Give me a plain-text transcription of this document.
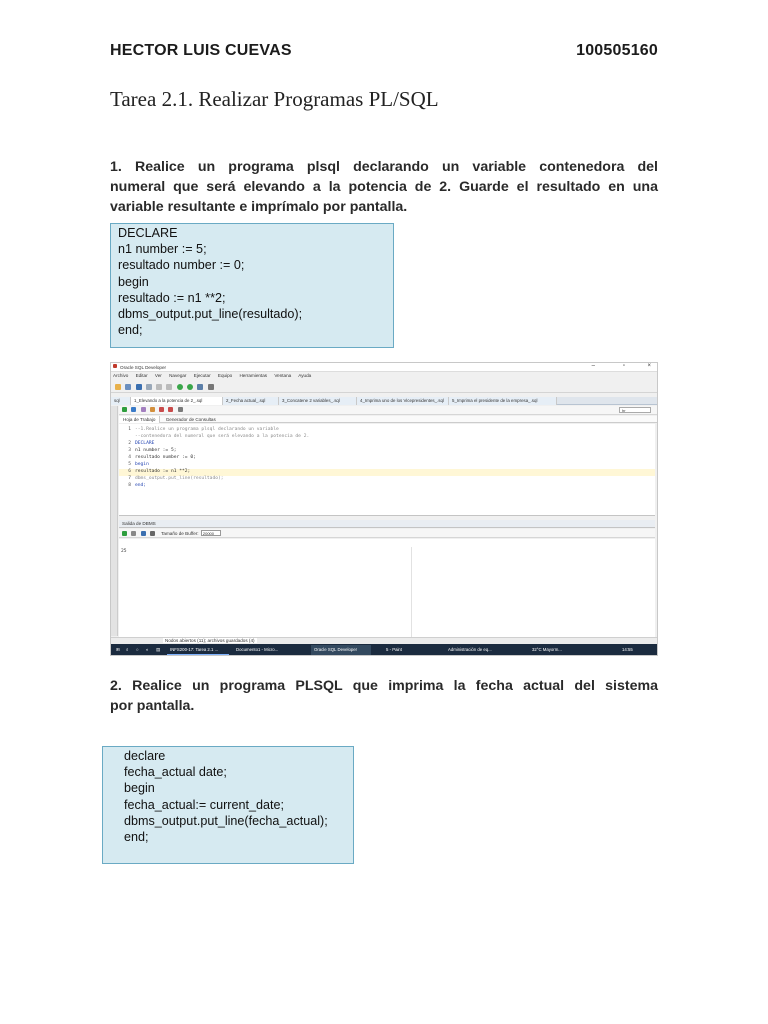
HECTOR LUIS CUEVAS	100505160
Tarea 2.1. Realizar Programas PL/SQL
1. Realice un programa plsql declarando un variable contenedora del
numeral que será elevando a la potencia de 2. Guarde el resultado en una
variable resultante e imprímalo por pantalla.
DECLARE
n1 number := 5;
resultado number := 0;
begin
resultado := n1 **2;
dbms_output.put_line(resultado);
end;
Oracle SQL Developer	–	▫	×
Archivo Editar Ver Navegar Ejecutar Equipo Herramientas Ventana Ayuda

sql	1_Elevando a la potencia de 2_.sql	2_Fecha actual_.sql	3_Concatene 2 variables_.sql	4_Imprima uno de los Vicepresidentes_.sql	5_Imprima el presidente de la empresa_.sql

hr
Hoja de Trabajo Generador de Consultas
1 --1.Realice un programa plsql declarando un variable
--contenedora del numeral que será elevando a la potencia de 2.
2 DECLARE
3 n1 number := 5;
4 resultado number := 0;
5 begin
6 resultado := n1 **2;
7 dbms_output.put_line(resultado);
8 end;
Salida de DBMS
Tamaño de Buffer: 20000
25
Nodos abiertos (11); archivos guardados (4)
⊞	⌕	○	◐	▤	INFS200-17: Tarea 2.1 ...	Documento1 - Micro...	Oracle SQL Developer	5 - Paint	Administración de eq...	32°C Mayorm...	14:55
2. Realice un programa PLSQL que imprima la fecha actual del sistema
por pantalla.
declare
fecha_actual date;
begin
fecha_actual:= current_date;
dbms_output.put_line(fecha_actual);
end;
